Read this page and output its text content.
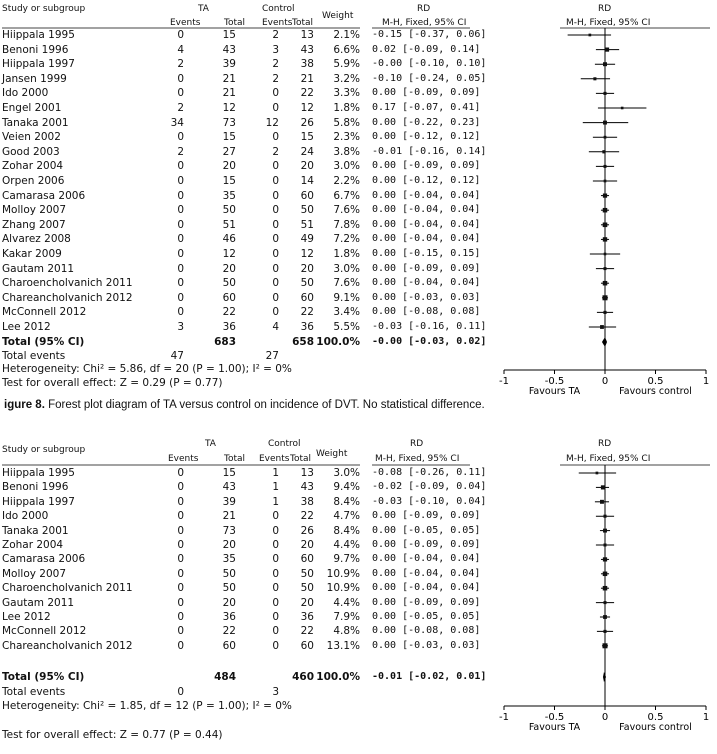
Study or subgroup	TA	Control
Weight
RD	RD
Events	Total Events Total	M-H, Fixed, 95% CI	M-H, Fixed, 95% CI
Hiippala 1995	0	15	2	13	2.1% -0.15 [-0.37, 0.06]
Benoni 1996	4	43	3	43	6.6% 0.02 [-0.09, 0.14]
Hiippala 1997	2	39	2	38	5.9% -0.00 [-0.10, 0.10]
Jansen 1999	0	21	2	21	3.2% -0.10 [-0.24, 0.05]
Ido 2000	0	21	0	22	3.3% 0.00 [-0.09, 0.09]
Engel 2001	2	12	0	12	1.8% 0.17 [-0.07, 0.41]
Tanaka 2001	34	73	12	26	5.8% 0.00 [-0.22, 0.23]
Veien 2002	0	15	0	15	2.3% 0.00 [-0.12, 0.12]
Good 2003	2	27	2	24	3.8% -0.01 [-0.16, 0.14]
Zohar 2004	0	20	0	20	3.0% 0.00 [-0.09, 0.09]
Orpen 2006	0	15	0	14	2.2% 0.00 [-0.12, 0.12]
Camarasa 2006	0	35	0	60	6.7% 0.00 [-0.04, 0.04]
Molloy 2007	0	50	0	50	7.6% 0.00 [-0.04, 0.04]
Zhang 2007	0	51	0	51	7.8% 0.00 [-0.04, 0.04]
Alvarez 2008	0	46	0	49	7.2% 0.00 [-0.04, 0.04]
Kakar 2009	0	12	0	12	1.8% 0.00 [-0.15, 0.15]
Gautam 2011	0	20	0	20	3.0% 0.00 [-0.09, 0.09]
Charoencholvanich 2011	0	50	0	50	7.6% 0.00 [-0.04, 0.04]
Chareancholvanich 2012	0	60	0	60	9.1% 0.00 [-0.03, 0.03]
McConnell 2012	0	22	0	22	3.4% 0.00 [-0.08, 0.08]
Lee 2012	3	36	4	36	5.5% -0.03 [-0.16, 0.11]
Total (95% CI)	683	658 100.0% -0.00 [-0.03, 0.02]
Total events	47	27
Heterogeneity: Chi² = 5.86, df = 20 (P = 1.00); I² = 0%
Test for overall effect: Z = 0.29 (P = 0.77)	-1	-0.5	0	0.5	1
Favours TA	Favours control
igure 8. Forest plot diagram of TA versus control on incidence of DVT. No statistical difference.
Study or subgroup
TA	Control
Weight
RD	RD
Events	Total Events Total	M-H, Fixed, 95% CI	M-H, Fixed, 95% CI
Hiippala 1995	0	15	1	13	3.0% -0.08 [-0.26, 0.11]
Benoni 1996	0	43	1	43	9.4% -0.02 [-0.09, 0.04]
Hiippala 1997	0	39	1	38	8.4% -0.03 [-0.10, 0.04]
Ido 2000	0	21	0	22	4.7% 0.00 [-0.09, 0.09]
Tanaka 2001	0	73	0	26	8.4% 0.00 [-0.05, 0.05]
Zohar 2004	0	20	0	20	4.4% 0.00 [-0.09, 0.09]
Camarasa 2006	0	35	0	60	9.7% 0.00 [-0.04, 0.04]
Molloy 2007	0	50	0	50	10.9% 0.00 [-0.04, 0.04]
Charoencholvanich 2011	0	50	0	50	10.9% 0.00 [-0.04, 0.04]
Gautam 2011	0	20	0	20	4.4% 0.00 [-0.09, 0.09]
Lee 2012	0	36	0	36	7.9% 0.00 [-0.05, 0.05]
McConnell 2012	0	22	0	22	4.8% 0.00 [-0.08, 0.08]
Chareancholvanich 2012	0	60	0	60	13.1% 0.00 [-0.03, 0.03]
Total (95% CI)	484	460 100.0% -0.01 [-0.02, 0.01]
Total events	0	3
Heterogeneity: Chi² = 1.85, df = 12 (P = 1.00); I² = 0%
Test for overall effect: Z = 0.77 (P = 0.44)
-1	-0.5	0	0.5	1
Favours TA	Favours control
